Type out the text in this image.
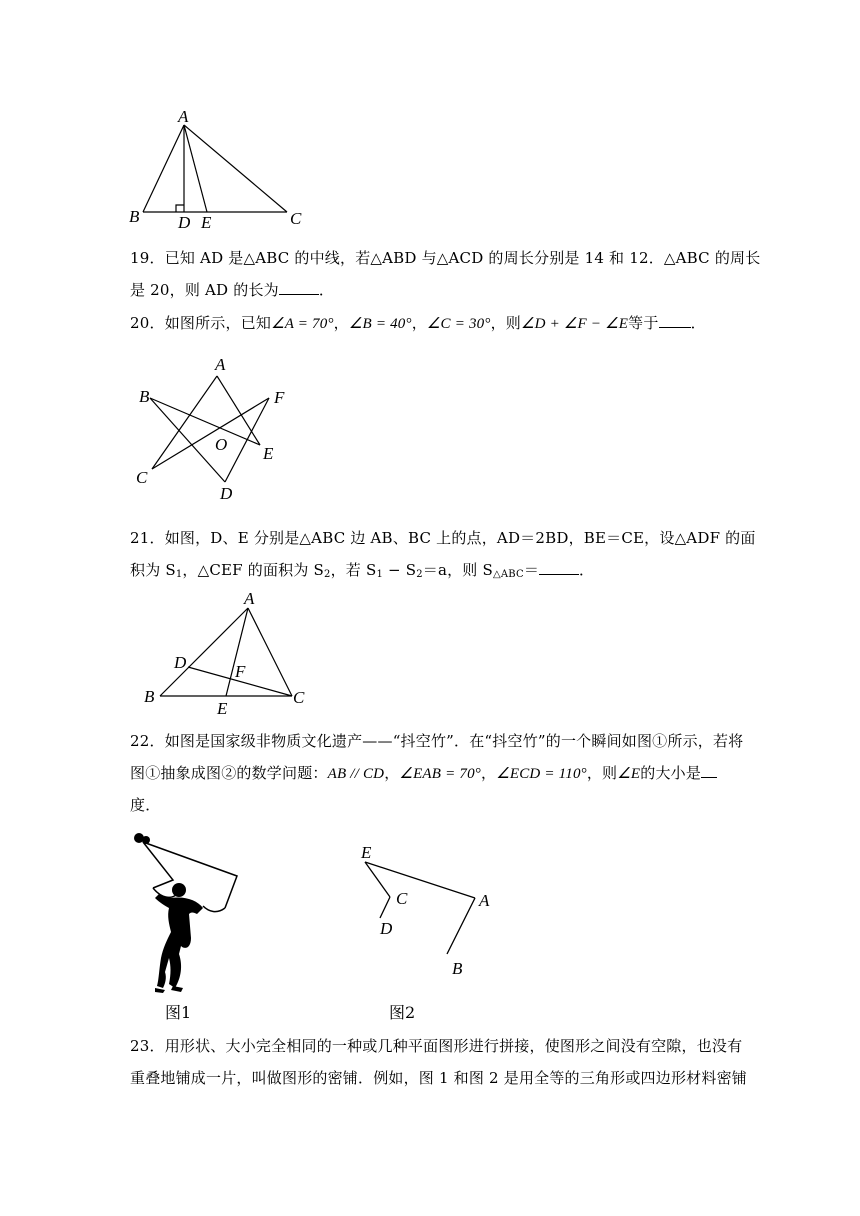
A
B D E	C
19．已知 AD 是△ABC 的中线，若△ABD 与△ACD 的周长分别是 14 和 12．△ABC 的周长
是 20，则 AD 的长为	．
20．如图所示，已知∠A = 70°，∠B = 40°，∠C = 30°，则∠D + ∠F − ∠E等于 ．
A
B
C
D
E
F
O
21．如图，D、E 分别是△ABC 边 AB、BC 上的点，AD＝2BD，BE＝CE，设△ADF 的面
积为 $S_1$，△CEF 的面积为 $S_2$，若 $S_1 - S_2=a$，则 $S_{\triangle ABC}=$	．
A
D	F
B	C
E
22．如图是国家级非物质文化遗产——“抖空竹”．在“抖空竹”的一个瞬间如图①所示，若将
图①抽象成图②的数学问题：AB // CD，∠EAB = 70°，∠ECD = 110°，则∠E的大小是
度．
图1
E
C	A
D
B
图2
23．用形状、大小完全相同的一种或几种平面图形进行拼接，使图形之间没有空隙，也没有
重叠地铺成一片，叫做图形的密铺．例如，图 1 和图 2 是用全等的三角形或四边形材料密铺
